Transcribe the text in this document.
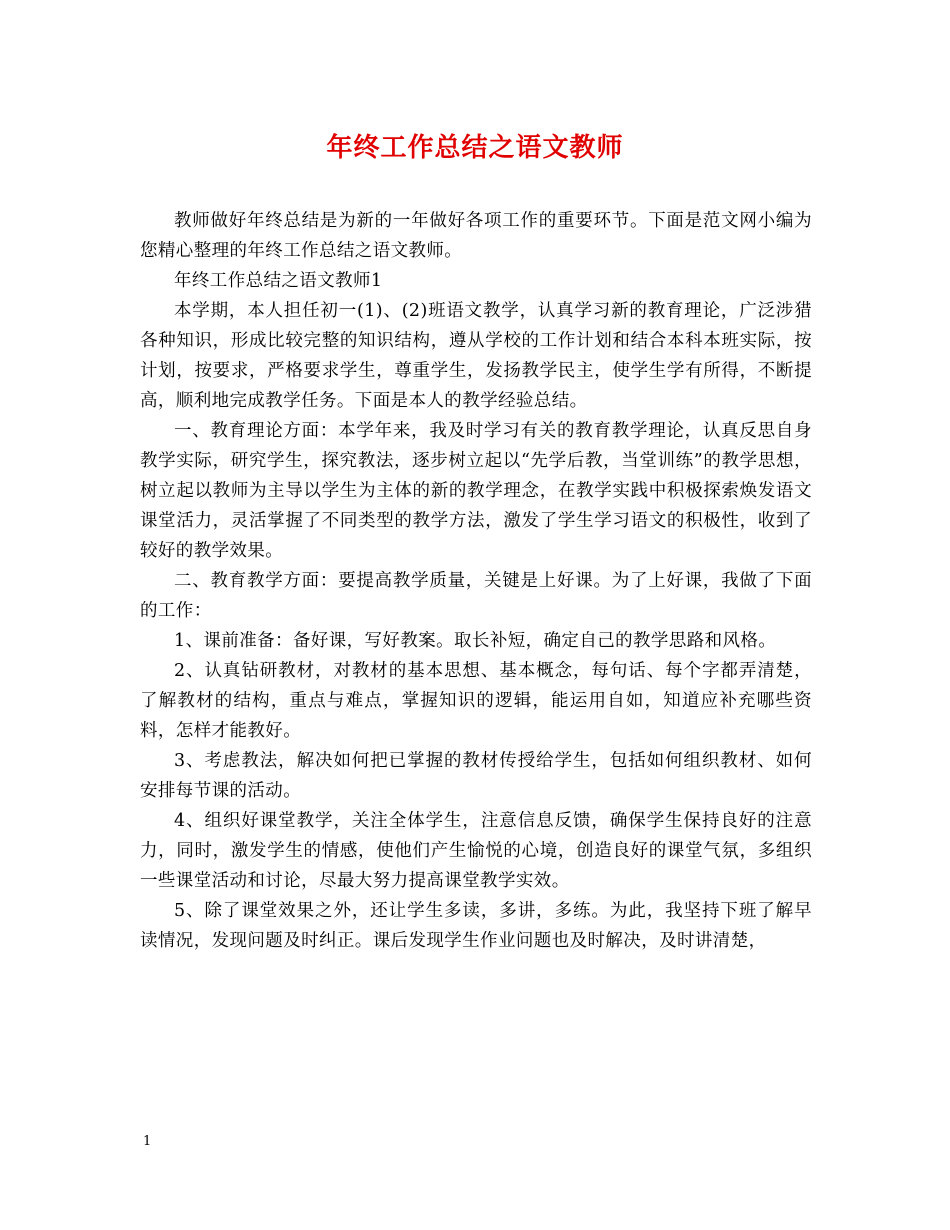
年终工作总结之语文教师

教师做好年终总结是为新的一年做好各项工作的重要环节。下面是范文网小编为您精心整理的年终工作总结之语文教师。

年终工作总结之语文教师1

本学期，本人担任初一(1)、(2)班语文教学，认真学习新的教育理论，广泛涉猎各种知识，形成比较完整的知识结构，遵从学校的工作计划和结合本科本班实际，按计划，按要求，严格要求学生，尊重学生，发扬教学民主，使学生学有所得，不断提高，顺利地完成教学任务。下面是本人的教学经验总结。

一、教育理论方面：本学年来，我及时学习有关的教育教学理论，认真反思自身教学实际，研究学生，探究教法，逐步树立起以“先学后教，当堂训练”的教学思想，树立起以教师为主导以学生为主体的新的教学理念，在教学实践中积极探索焕发语文课堂活力，灵活掌握了不同类型的教学方法，激发了学生学习语文的积极性，收到了较好的教学效果。

二、教育教学方面：要提高教学质量，关键是上好课。为了上好课，我做了下面的工作：

1、课前准备：备好课，写好教案。取长补短，确定自己的教学思路和风格。

2、认真钻研教材，对教材的基本思想、基本概念，每句话、每个字都弄清楚，了解教材的结构，重点与难点，掌握知识的逻辑，能运用自如，知道应补充哪些资料，怎样才能教好。

3、考虑教法，解决如何把已掌握的教材传授给学生，包括如何组织教材、如何安排每节课的活动。

4、组织好课堂教学，关注全体学生，注意信息反馈，确保学生保持良好的注意力，同时，激发学生的情感，使他们产生愉悦的心境，创造良好的课堂气氛，多组织一些课堂活动和讨论，尽最大努力提高课堂教学实效。

5、除了课堂效果之外，还让学生多读，多讲，多练。为此，我坚持下班了解早读情况，发现问题及时纠正。课后发现学生作业问题也及时解决，及时讲清楚，

1
